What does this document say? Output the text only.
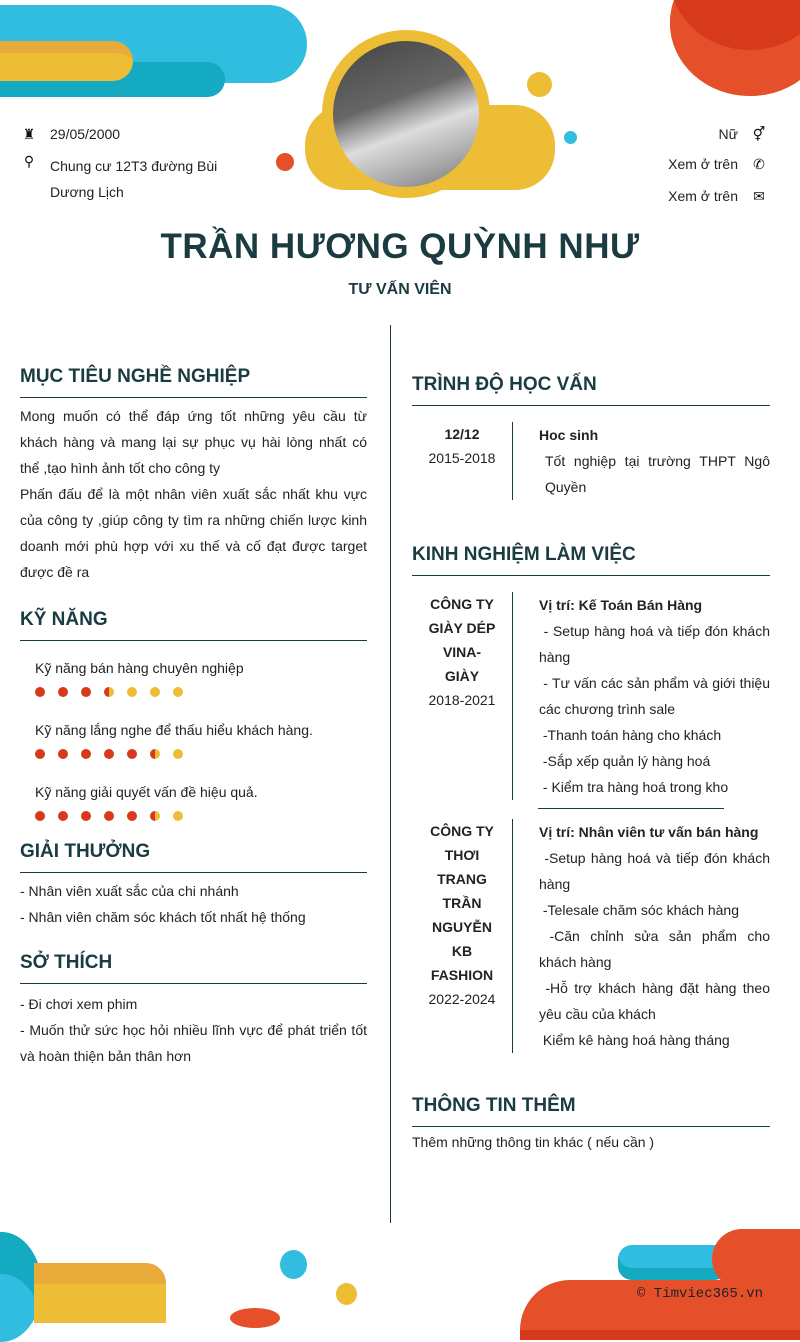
© Timviec365.vn
♜ 29/05/2000
⚲ Chung cư 12T3 đường Bùi Dương Lịch
Nữ ⚥
Xem ở trên ✆
Xem ở trên ✉
TRẦN HƯƠNG QUỲNH NHƯ
TƯ VẤN VIÊN
MỤC TIÊU NGHỀ NGHIỆP
Mong muốn có thể đáp ứng tốt những yêu cầu từ khách hàng và mang lại sự phục vụ hài lòng nhất có thể ,tạo hình ảnh tốt cho công ty
Phấn đấu để là một nhân viên xuất sắc nhất khu vực của công ty ,giúp công ty tìm ra những chiến lược kinh doanh mới phù hợp với xu thế và cố đạt được target được đề ra
KỸ NĂNG
Kỹ năng bán hàng chuyên nghiệp
Kỹ năng lắng nghe để thấu hiểu khách hàng.
Kỹ năng giải quyết vấn đề hiệu quả.
GIẢI THƯỞNG
- Nhân viên xuất sắc của chi nhánh
- Nhân viên chăm sóc khách tốt nhất hệ thống
SỞ THÍCH
- Đi chơi xem phim
- Muốn thử sức học hỏi nhiều lĩnh vực để phát triển tốt và hoàn thiện bản thân hơn
TRÌNH ĐỘ HỌC VẤN
12/12
2015-2018
Hoc sinh
Tốt nghiệp tại trường THPT Ngô Quyền
KINH NGHIỆM LÀM VIỆC
CÔNG TY GIÀY DÉP VINA- GIÀY
2018-2021
Vị trí: Kế Toán Bán Hàng
- Setup hàng hoá và tiếp đón khách hàng
- Tư vấn các sản phẩm và giới thiệu các chương trình sale
-Thanh toán hàng cho khách
-Sắp xếp quản lý hàng hoá
- Kiểm tra hàng hoá trong kho
CÔNG TY THƠI TRANG TRẦN NGUYỄN KB FASHION
2022-2024
Vị trí: Nhân viên tư vấn bán hàng
-Setup hàng hoá và tiếp đón khách hàng
-Telesale chăm sóc khách hàng
-Căn chỉnh sửa sản phẩm cho khách hàng
-Hỗ trợ khách hàng đặt hàng theo yêu cầu của khách
Kiểm kê hàng hoá hàng tháng
THÔNG TIN THÊM
Thêm những thông tin khác ( nếu cần )
